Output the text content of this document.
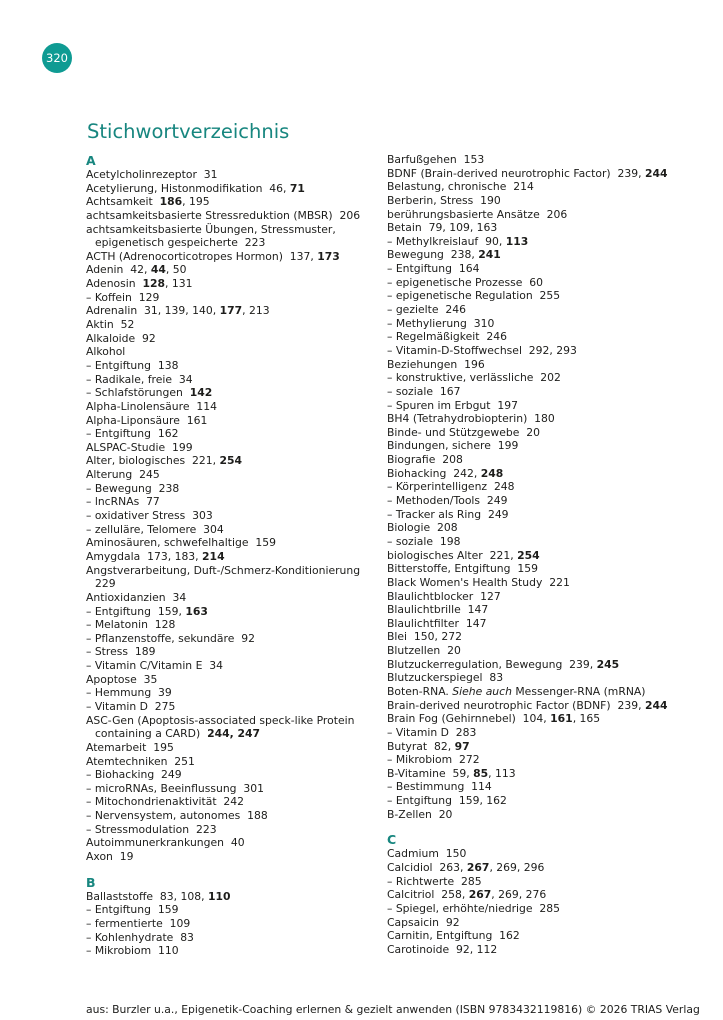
320
Stichwortverzeichnis
A
Acetylcholinrezeptor  31
Acetylierung, Histonmodifikation  46, 71
Achtsamkeit  186, 195
achtsamkeitsbasierte Stressreduktion (MBSR)  206
achtsamkeitsbasierte Übungen, Stressmuster,
epigenetisch gespeicherte  223
ACTH (Adrenocorticotropes Hormon)  137, 173
Adenin  42, 44, 50
Adenosin  128, 131
– Koffein  129
Adrenalin  31, 139, 140, 177, 213
Aktin  52
Alkaloide  92
Alkohol
– Entgiftung  138
– Radikale, freie  34
– Schlafstörungen  142
Alpha-Linolensäure  114
Alpha-Liponsäure  161
– Entgiftung  162
ALSPAC-Studie  199
Alter, biologisches  221, 254
Alterung  245
– Bewegung  238
– lncRNAs  77
– oxidativer Stress  303
– zelluläre, Telomere  304
Aminosäuren, schwefelhaltige  159
Amygdala  173, 183, 214
Angstverarbeitung, Duft-/Schmerz-Konditionierung
229
Antioxidanzien  34
– Entgiftung  159, 163
– Melatonin  128
– Pflanzenstoffe, sekundäre  92
– Stress  189
– Vitamin C/Vitamin E  34
Apoptose  35
– Hemmung  39
– Vitamin D  275
ASC-Gen (Apoptosis-associated speck-like Protein
containing a CARD)  244, 247
Atemarbeit  195
Atemtechniken  251
– Biohacking  249
– microRNAs, Beeinflussung  301
– Mitochondrienaktivität  242
– Nervensystem, autonomes  188
– Stressmodulation  223
Autoimmunerkrankungen  40
Axon  19
B
Ballaststoffe  83, 108, 110
– Entgiftung  159
– fermentierte  109
– Kohlenhydrate  83
– Mikrobiom  110
Barfußgehen  153
BDNF (Brain-derived neurotrophic Factor)  239, 244
Belastung, chronische  214
Berberin, Stress  190
berührungsbasierte Ansätze  206
Betain  79, 109, 163
– Methylkreislauf  90, 113
Bewegung  238, 241
– Entgiftung  164
– epigenetische Prozesse  60
– epigenetische Regulation  255
– gezielte  246
– Methylierung  310
– Regelmäßigkeit  246
– Vitamin-D-Stoffwechsel  292, 293
Beziehungen  196
– konstruktive, verlässliche  202
– soziale  167
– Spuren im Erbgut  197
BH4 (Tetrahydrobiopterin)  180
Binde- und Stützgewebe  20
Bindungen, sichere  199
Biografie  208
Biohacking  242, 248
– Körperintelligenz  248
– Methoden/Tools  249
– Tracker als Ring  249
Biologie  208
– soziale  198
biologisches Alter  221, 254
Bitterstoffe, Entgiftung  159
Black Women's Health Study  221
Blaulichtblocker  127
Blaulichtbrille  147
Blaulichtfilter  147
Blei  150, 272
Blutzellen  20
Blutzuckerregulation, Bewegung  239, 245
Blutzuckerspiegel  83
Boten-RNA. Siehe auch Messenger-RNA (mRNA)
Brain-derived neurotrophic Factor (BDNF)  239, 244
Brain Fog (Gehirnnebel)  104, 161, 165
– Vitamin D  283
Butyrat  82, 97
– Mikrobiom  272
B-Vitamine  59, 85, 113
– Bestimmung  114
– Entgiftung  159, 162
B-Zellen  20
C
Cadmium  150
Calcidiol  263, 267, 269, 296
– Richtwerte  285
Calcitriol  258, 267, 269, 276
– Spiegel, erhöhte/niedrige  285
Capsaicin  92
Carnitin, Entgiftung  162
Carotinoide  92, 112
aus: Burzler u.a., Epigenetik-Coaching erlernen & gezielt anwenden (ISBN 9783432119816) © 2026 TRIAS Verlag
